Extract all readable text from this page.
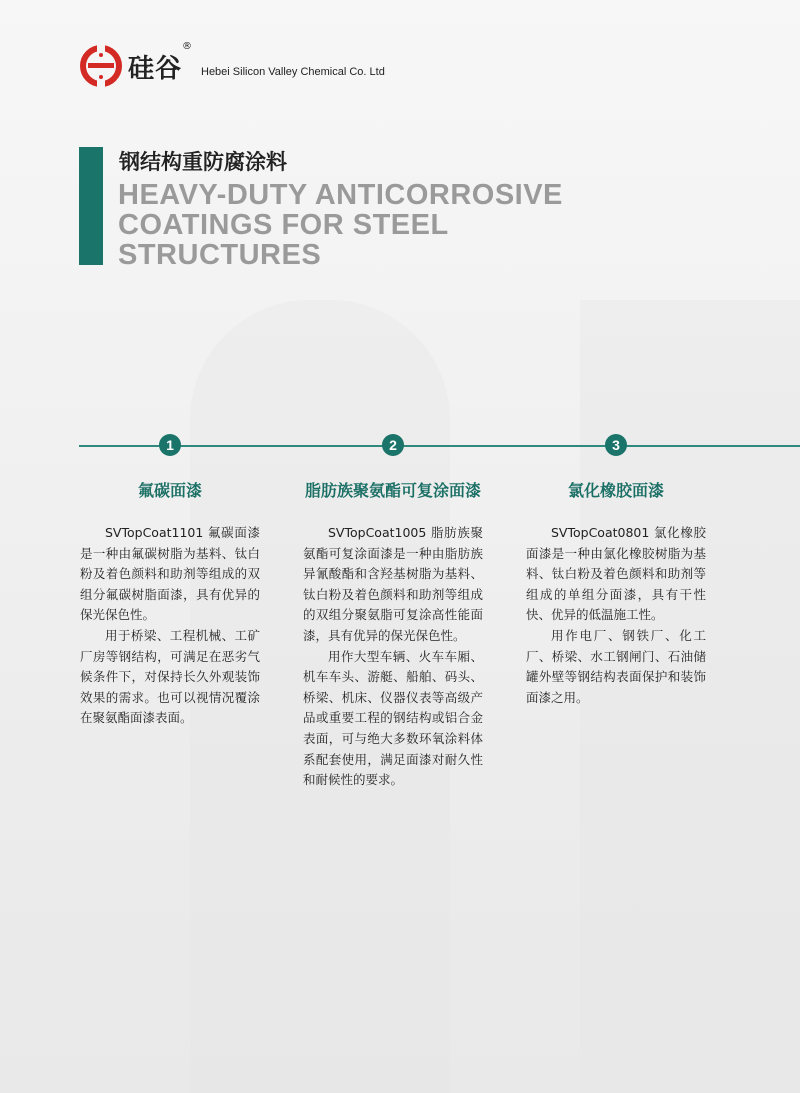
硅谷
®
Hebei Silicon Valley Chemical Co. Ltd
钢结构重防腐涂料
HEAVY-DUTY ANTICORROSIVE
COATINGS FOR STEEL
STRUCTURES
1	2	3
氟碳面漆

SVTopCoat1101 氟碳面漆是一种由氟碳树脂为基料、钛白粉及着色颜料和助剂等组成的双组分氟碳树脂面漆，具有优异的保光保色性。

用于桥梁、工程机械、工矿厂房等钢结构，可满足在恶劣气候条件下，对保持长久外观装饰效果的需求。也可以视情况覆涂在聚氨酯面漆表面。

脂肪族聚氨酯可复涂面漆

SVTopCoat1005 脂肪族聚氨酯可复涂面漆是一种由脂肪族异氰酸酯和含羟基树脂为基料、钛白粉及着色颜料和助剂等组成的双组分聚氨脂可复涂高性能面漆，具有优异的保光保色性。

用作大型车辆、火车车厢、机车车头、游艇、船舶、码头、桥梁、机床、仪器仪表等高级产品或重要工程的钢结构或铝合金表面，可与绝大多数环氧涂料体系配套使用，满足面漆对耐久性和耐候性的要求。

氯化橡胶面漆

SVTopCoat0801 氯化橡胶面漆是一种由氯化橡胶树脂为基料、钛白粉及着色颜料和助剂等组成的单组分面漆，具有干性快、优异的低温施工性。

用作电厂、钢铁厂、化工厂、桥梁、水工钢闸门、石油储罐外壁等钢结构表面保护和装饰面漆之用。
